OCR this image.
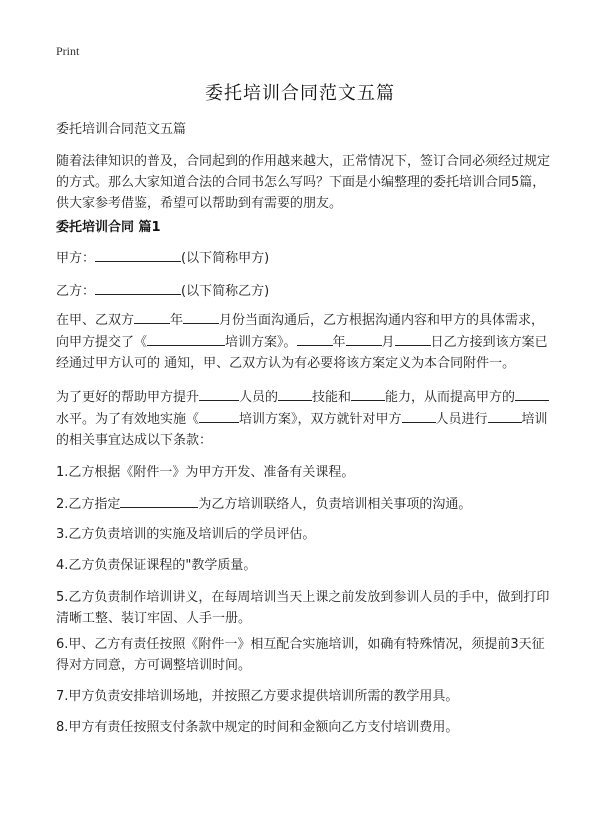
Print
委托培训合同范文五篇

委托培训合同范文五篇

随着法律知识的普及，合同起到的作用越来越大，正常情况下，签订合同必须经过规定的方式。那么大家知道合法的合同书怎么写吗？下面是小编整理的委托培训合同5篇，供大家参考借鉴，希望可以帮助到有需要的朋友。

委托培训合同 篇1

甲方：	(以下简称甲方)

乙方：	(以下简称乙方)

在甲、乙双方	年	月份当面沟通后，乙方根据沟通内容和甲方的具体需求，向甲方提交了《	培训方案》。	年	月	日乙方接到该方案已经通过甲方认可的 通知，甲、乙双方认为有必要将该方案定义为本合同附件一。

为了更好的帮助甲方提升	人员的	技能和	能力，从而提高甲方的水平。为了有效地实施《	培训方案》，双方就针对甲方	人员进行	培训的相关事宜达成以下条款：

1.乙方根据《附件一》为甲方开发、准备有关课程。

2.乙方指定	为乙方培训联络人，负责培训相关事项的沟通。

3.乙方负责培训的实施及培训后的学员评估。

4.乙方负责保证课程的"教学质量。

5.乙方负责制作培训讲义，在每周培训当天上课之前发放到参训人员的手中，做到打印清晰工整、装订牢固、人手一册。

6.甲、乙方有责任按照《附件一》相互配合实施培训，如确有特殊情况，须提前3天征得对方同意，方可调整培训时间。

7.甲方负责安排培训场地，并按照乙方要求提供培训所需的教学用具。

8.甲方有责任按照支付条款中规定的时间和金额向乙方支付培训费用。
